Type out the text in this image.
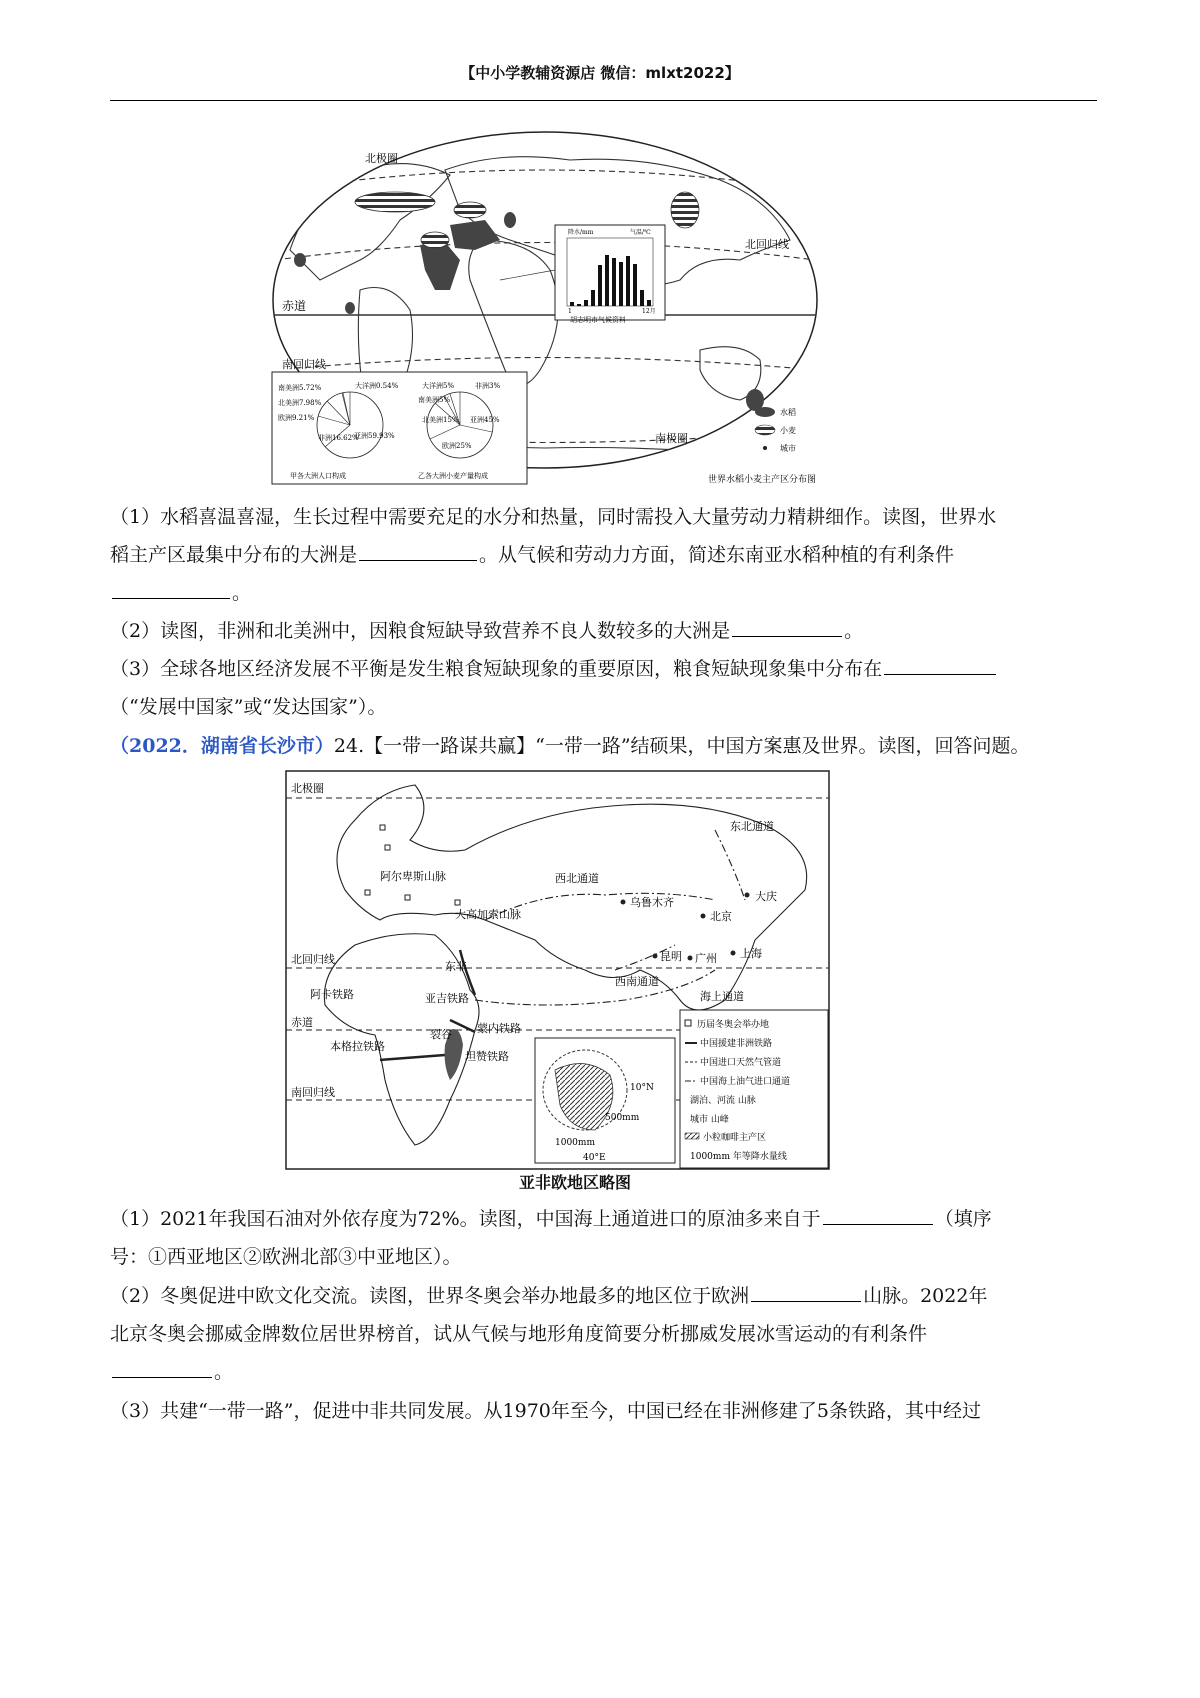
【中小学教辅资源店 微信：mlxt2022】
北极圈
北回归线
赤道
南回归线
南极圈
世界水稻小麦主产区分布图
降水/mm	气温/℃
1	12月
胡志明市气候资料
水稻
小麦
城市
南美洲5.72%	大洋洲0.54%
北美洲7.98%
欧洲9.21%
非洲16.62%
亚洲59.93%
甲各大洲人口构成
大洋洲5%	非洲3%
南美洲5%
北美洲15% 亚洲45%
欧洲25%
乙各大洲小麦产量构成
（1）水稻喜温喜湿，生长过程中需要充足的水分和热量，同时需投入大量劳动力精耕细作。读图，世界水
稻主产区最集中分布的大洲是	。从气候和劳动力方面，简述东南亚水稻种植的有利条件
。
（2）读图，非洲和北美洲中，因粮食短缺导致营养不良人数较多的大洲是	。
（3）全球各地区经济发展不平衡是发生粮食短缺现象的重要原因，粮食短缺现象集中分布在
（“发展中国家”或“发达国家”）。
（2022．湖南省长沙市）24.【一带一路谋共赢】“一带一路”结硕果，中国方案惠及世界。读图，回答问题。
10°N
500mm
1000mm
40°E
历届冬奥会举办地
中国援建非洲铁路
中国进口天然气管道
中国海上油气进口通道
湖泊、河流 山脉
城市 山峰
小粒咖啡主产区
1000mm 年等降水量线
北极圈
北回归线
赤道
南回归线
阿尔卑斯山脉
大高加索山脉
西北通道
东北通道
西南通道
海上通道
乌鲁木齐
北京
大庆
上海
昆明 广州
阿卡铁路	亚吉铁路
蒙内铁路
本格拉铁路
坦赞铁路
东非
裂谷
亚非欧地区略图
（1）2021年我国石油对外依存度为72%。读图，中国海上通道进口的原油多来自于	（填序
号：①西亚地区②欧洲北部③中亚地区）。
（2）冬奥促进中欧文化交流。读图，世界冬奥会举办地最多的地区位于欧洲	山脉。2022年
北京冬奥会挪威金牌数位居世界榜首，试从气候与地形角度简要分析挪威发展冰雪运动的有利条件
。
（3）共建“一带一路”，促进中非共同发展。从1970年至今，中国已经在非洲修建了5条铁路，其中经过
